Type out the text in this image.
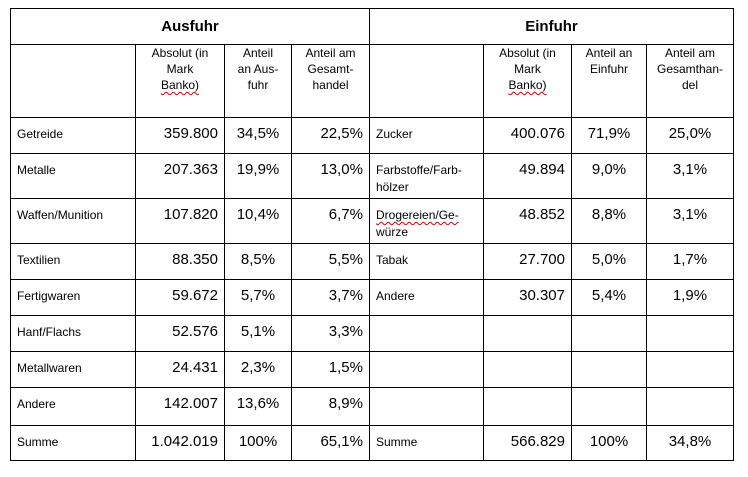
Ausfuhr				Einfuhr			
	Absolut (in
Mark
Banko)	Anteil
an Aus-
fuhr	Anteil am
Gesamt-
handel		Absolut (in
Mark
Banko)	Anteil an
Einfuhr	Anteil am
Gesamthan-
del
Getreide	359.800	34,5%	22,5%	Zucker	400.076	71,9%	25,0%
Metalle	207.363	19,9%	13,0%	Farbstoffe/Farb-
hölzer	49.894	9,0%	3,1%
Waffen/Munition	107.820	10,4%	6,7%	Drogereien/Ge-
würze	48.852	8,8%	3,1%
Textilien	88.350	8,5%	5,5%	Tabak	27.700	5,0%	1,7%
Fertigwaren	59.672	5,7%	3,7%	Andere	30.307	5,4%	1,9%
Hanf/Flachs	52.576	5,1%	3,3%				
Metallwaren	24.431	2,3%	1,5%				
Andere	142.007	13,6%	8,9%				
Summe	1.042.019	100%	65,1%	Summe	566.829	100%	34,8%
